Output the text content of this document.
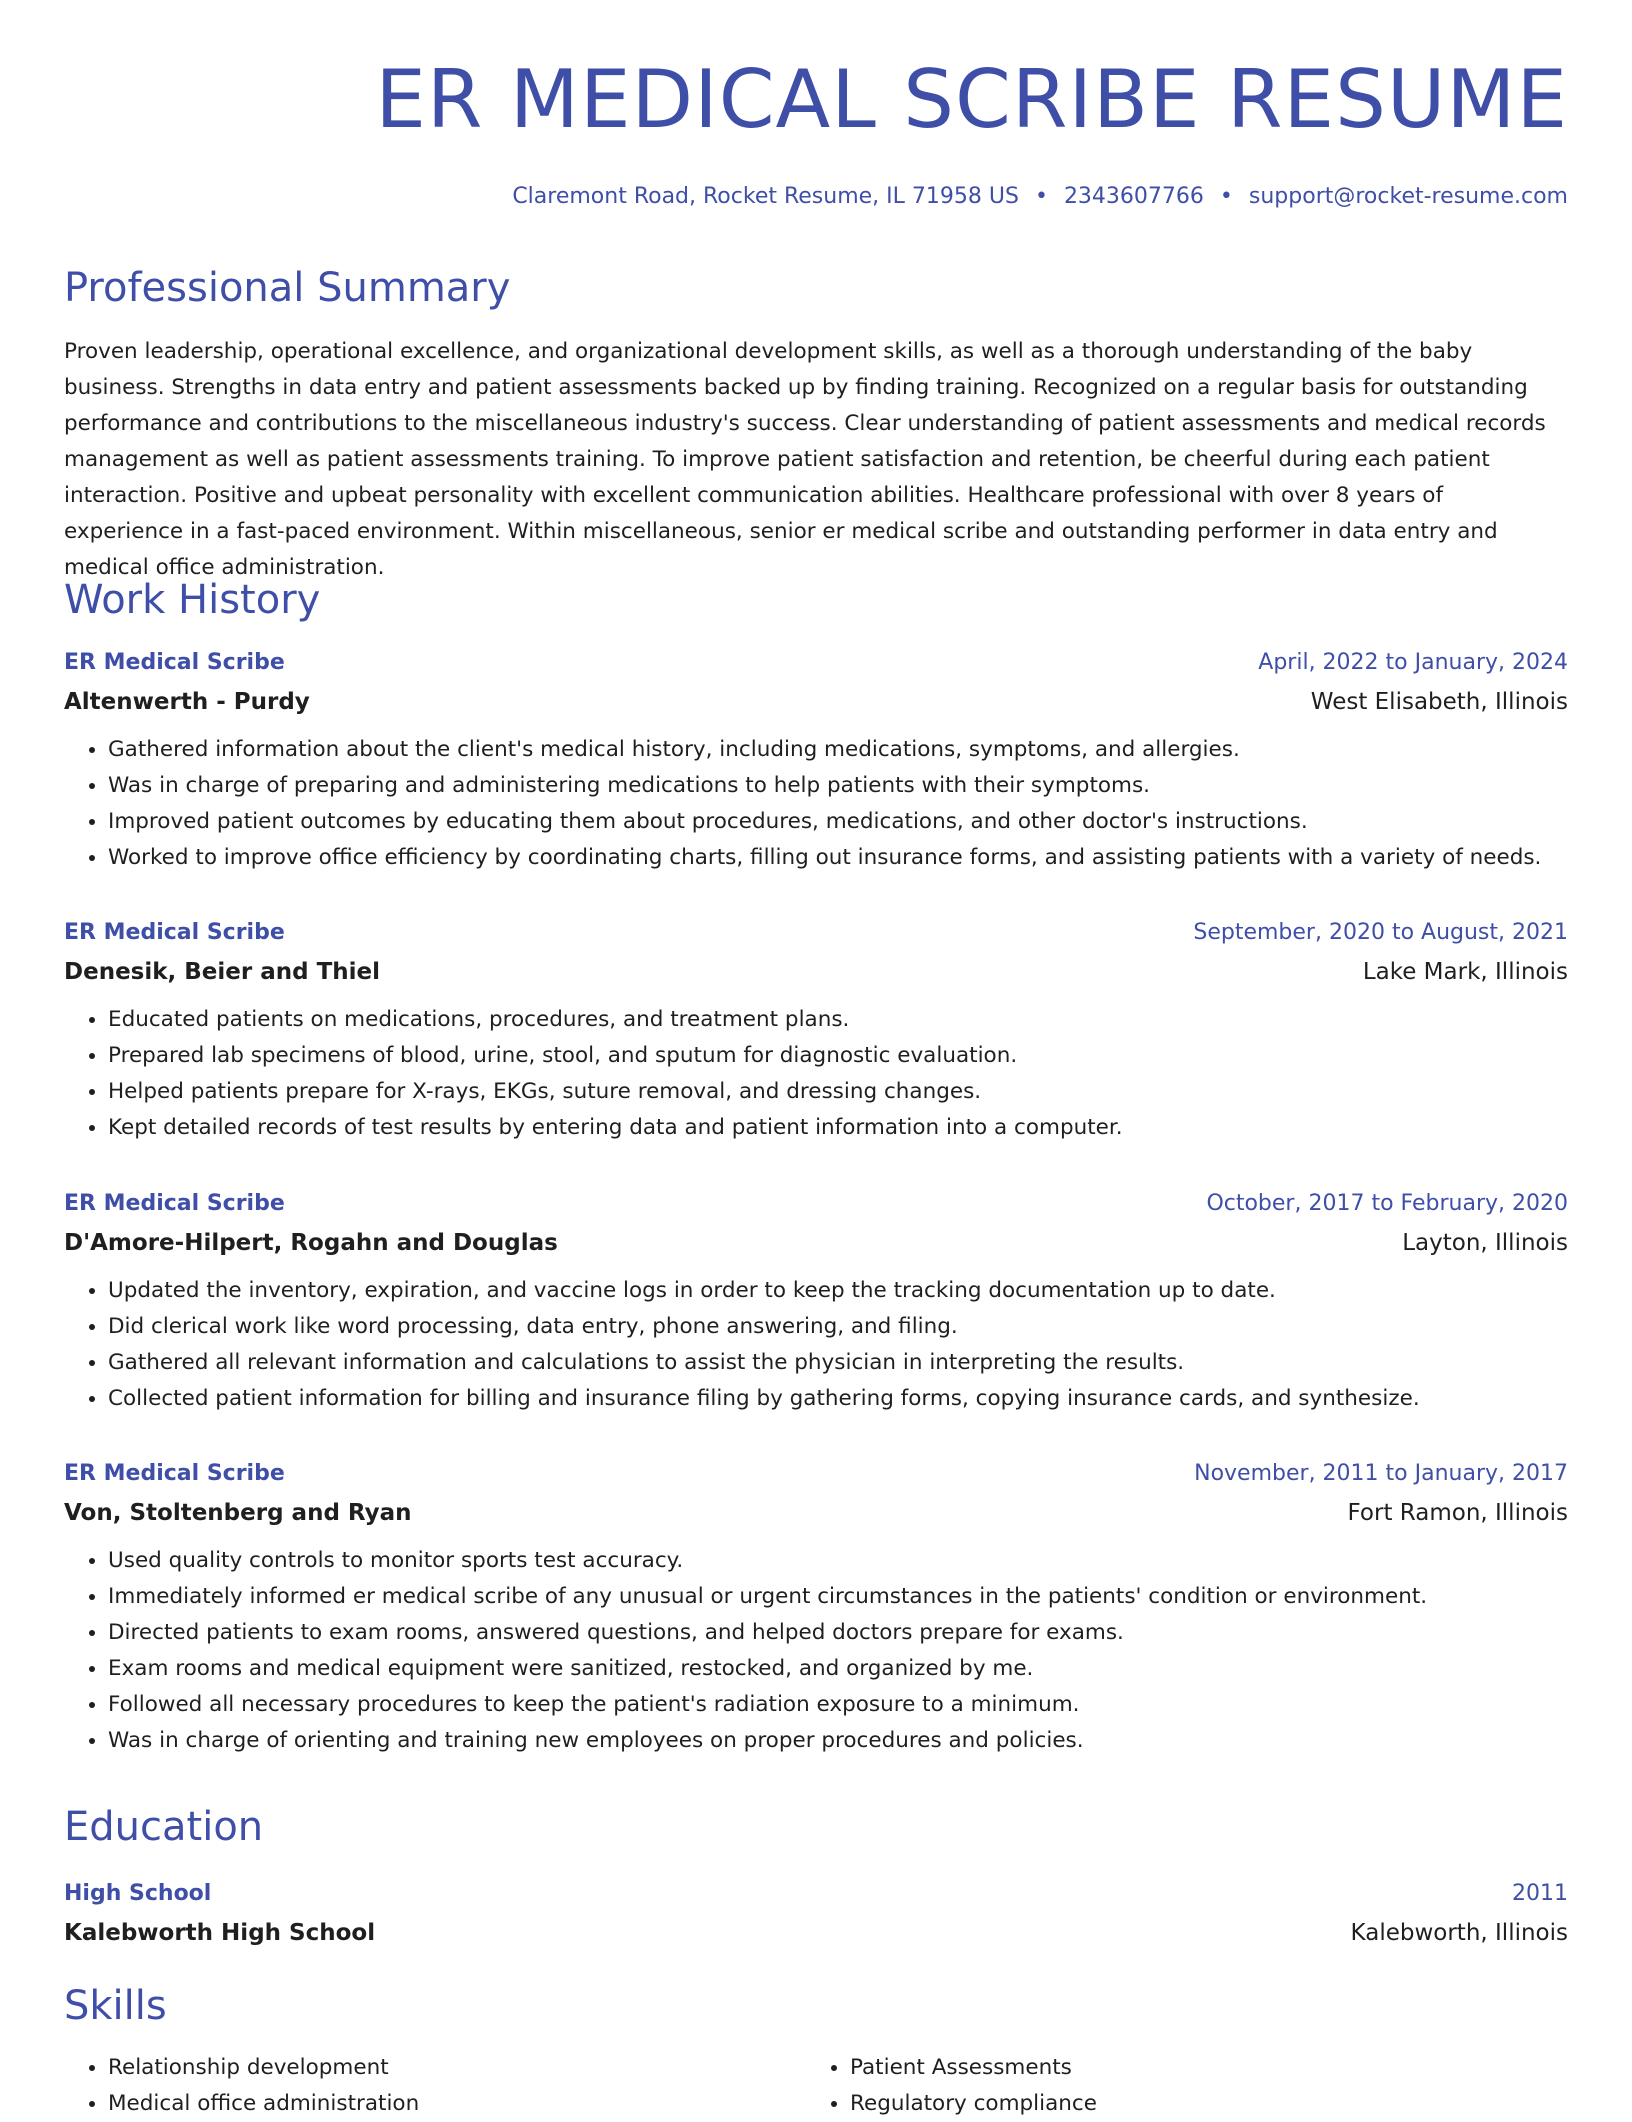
ER MEDICAL SCRIBE RESUME
Claremont Road, Rocket Resume, IL 71958 US • 2343607766 • support@rocket-resume.com
Professional Summary

Proven leadership, operational excellence, and organizational development skills, as well as a thorough understanding of the baby business. Strengths in data entry and patient assessments backed up by finding training. Recognized on a regular basis for outstanding performance and contributions to the miscellaneous industry's success. Clear understanding of patient assessments and medical records management as well as patient assessments training. To improve patient satisfaction and retention, be cheerful during each patient interaction. Positive and upbeat personality with excellent communication abilities. Healthcare professional with over 8 years of experience in a fast-paced environment. Within miscellaneous, senior er medical scribe and outstanding performer in data entry and medical office administration.

Work History
ER Medical Scribe	April, 2022 to January, 2024
Altenwerth - Purdy	West Elisabeth, Illinois
• Gathered information about the client's medical history, including medications, symptoms, and allergies.
• Was in charge of preparing and administering medications to help patients with their symptoms.
• Improved patient outcomes by educating them about procedures, medications, and other doctor's instructions.
• Worked to improve office efficiency by coordinating charts, filling out insurance forms, and assisting patients with a variety of needs.
ER Medical Scribe	September, 2020 to August, 2021
Denesik, Beier and Thiel	Lake Mark, Illinois
• Educated patients on medications, procedures, and treatment plans.
• Prepared lab specimens of blood, urine, stool, and sputum for diagnostic evaluation.
• Helped patients prepare for X-rays, EKGs, suture removal, and dressing changes.
• Kept detailed records of test results by entering data and patient information into a computer.
ER Medical Scribe	October, 2017 to February, 2020
D'Amore-Hilpert, Rogahn and Douglas	Layton, Illinois
• Updated the inventory, expiration, and vaccine logs in order to keep the tracking documentation up to date.
• Did clerical work like word processing, data entry, phone answering, and filing.
• Gathered all relevant information and calculations to assist the physician in interpreting the results.
• Collected patient information for billing and insurance filing by gathering forms, copying insurance cards, and synthesize.
ER Medical Scribe	November, 2011 to January, 2017
Von, Stoltenberg and Ryan	Fort Ramon, Illinois
• Used quality controls to monitor sports test accuracy.
• Immediately informed er medical scribe of any unusual or urgent circumstances in the patients' condition or environment.
• Directed patients to exam rooms, answered questions, and helped doctors prepare for exams.
• Exam rooms and medical equipment were sanitized, restocked, and organized by me.
• Followed all necessary procedures to keep the patient's radiation exposure to a minimum.
• Was in charge of orienting and training new employees on proper procedures and policies.
Education
High School	2011
Kalebworth High School	Kalebworth, Illinois
Skills
• Relationship development
• Medical office administration
• Patient Assessments
• Regulatory compliance
